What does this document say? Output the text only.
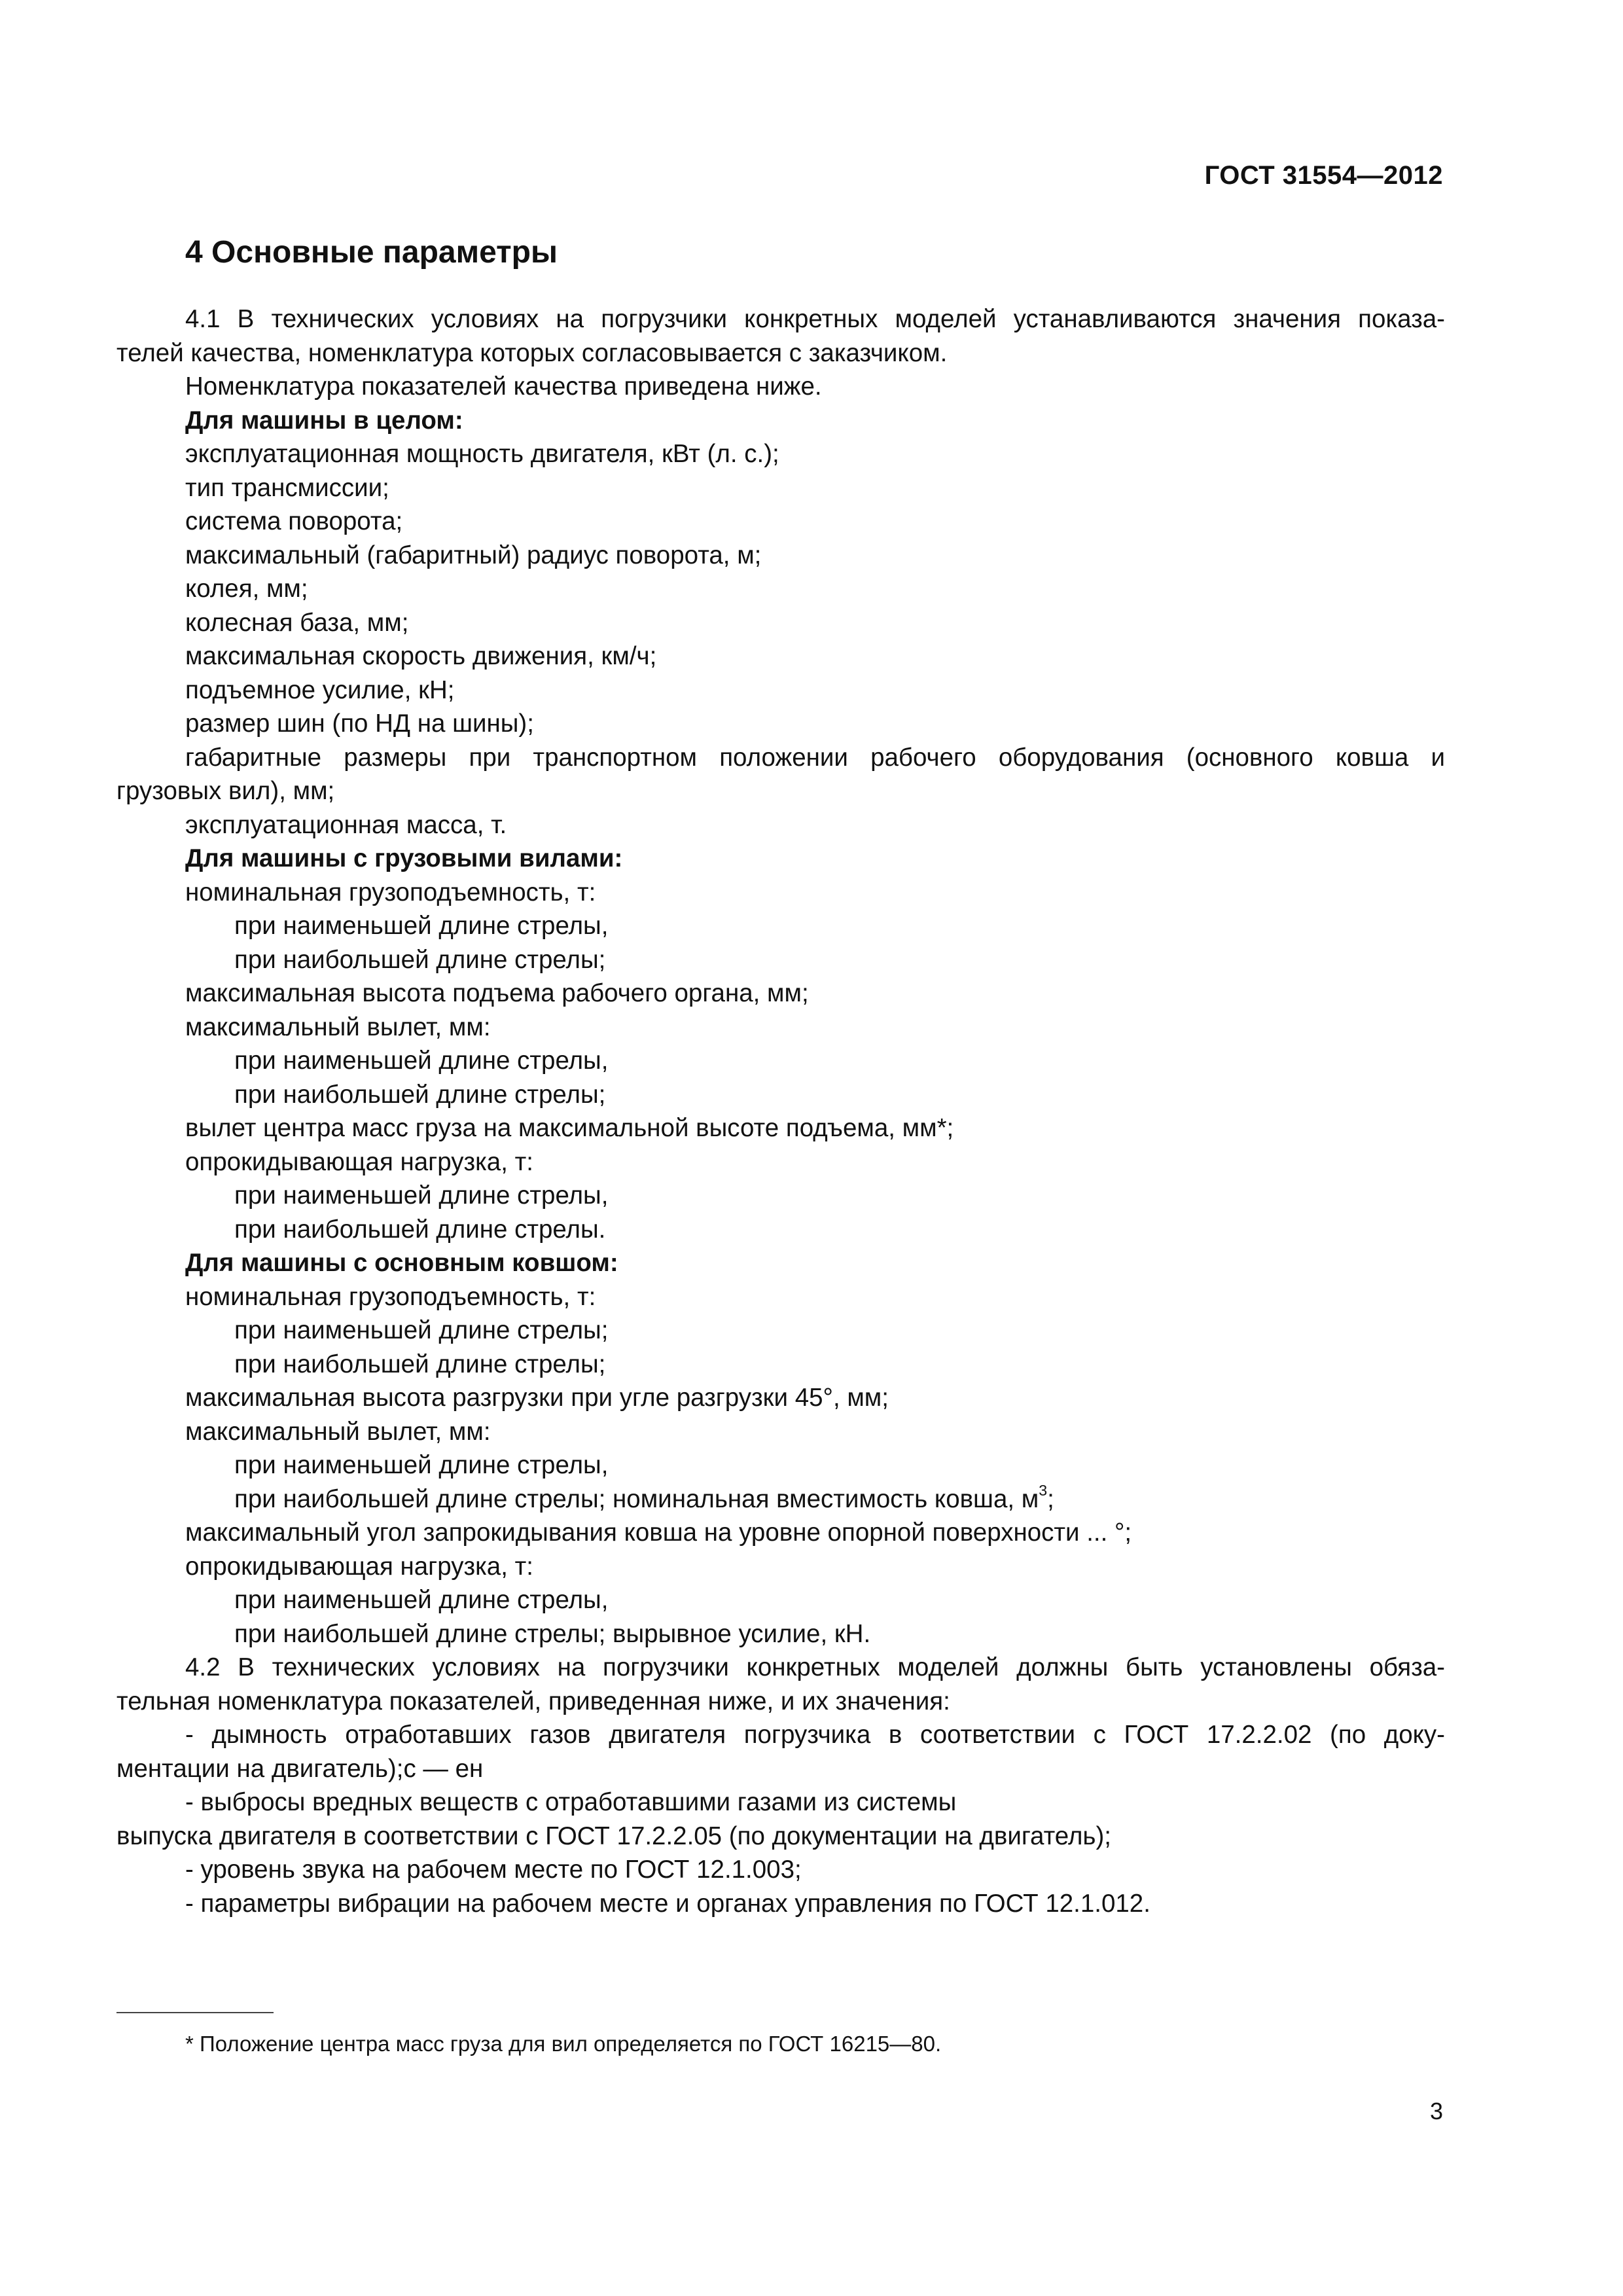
ГОСТ 31554—2012
4 Основные параметры
4.1 В технических условиях на погрузчики конкретных моделей устанавливаются значения показа-
телей качества, номенклатура которых согласовывается с заказчиком.
Номенклатура показателей качества приведена ниже.
Для машины в целом:
эксплуатационная мощность двигателя, кВт (л. с.);
тип трансмиссии;
система поворота;
максимальный (габаритный) радиус поворота, м;
колея, мм;
колесная база, мм;
максимальная скорость движения, км/ч;
подъемное усилие, кН;
размер шин (по НД на шины);
габаритные размеры при транспортном положении рабочего оборудования (основного ковша и
грузовых вил), мм;
эксплуатационная масса, т.
Для машины с грузовыми вилами:
номинальная грузоподъемность, т:
при наименьшей длине стрелы,
при наибольшей длине стрелы;
максимальная высота подъема рабочего органа, мм;
максимальный вылет, мм:
при наименьшей длине стрелы,
при наибольшей длине стрелы;
вылет центра масс груза на максимальной высоте подъема, мм*;
опрокидывающая нагрузка, т:
при наименьшей длине стрелы,
при наибольшей длине стрелы.
Для машины с основным ковшом:
номинальная грузоподъемность, т:
при наименьшей длине стрелы;
при наибольшей длине стрелы;
максимальная высота разгрузки при угле разгрузки 45°, мм;
максимальный вылет, мм:
при наименьшей длине стрелы,
при наибольшей длине стрелы; номинальная вместимость ковша, $м^3$;
максимальный угол запрокидывания ковша на уровне опорной поверхности ... °;
опрокидывающая нагрузка, т:
при наименьшей длине стрелы,
при наибольшей длине стрелы; вырывное усилие, кН.
4.2 В технических условиях на погрузчики конкретных моделей должны быть установлены обяза-
тельная номенклатура показателей, приведенная ниже, и их значения:
- дымность отработавших газов двигателя погрузчика в соответствии с ГОСТ 17.2.2.02 (по доку-
ментации на двигатель);с — ен
- выбросы вредных веществ с отработавшими газами из системы
выпуска двигателя в соответствии с ГОСТ 17.2.2.05 (по документации на двигатель);
- уровень звука на рабочем месте по ГОСТ 12.1.003;
- параметры вибрации на рабочем месте и органах управления по ГОСТ 12.1.012.
* Положение центра масс груза для вил определяется по ГОСТ 16215—80.
3
